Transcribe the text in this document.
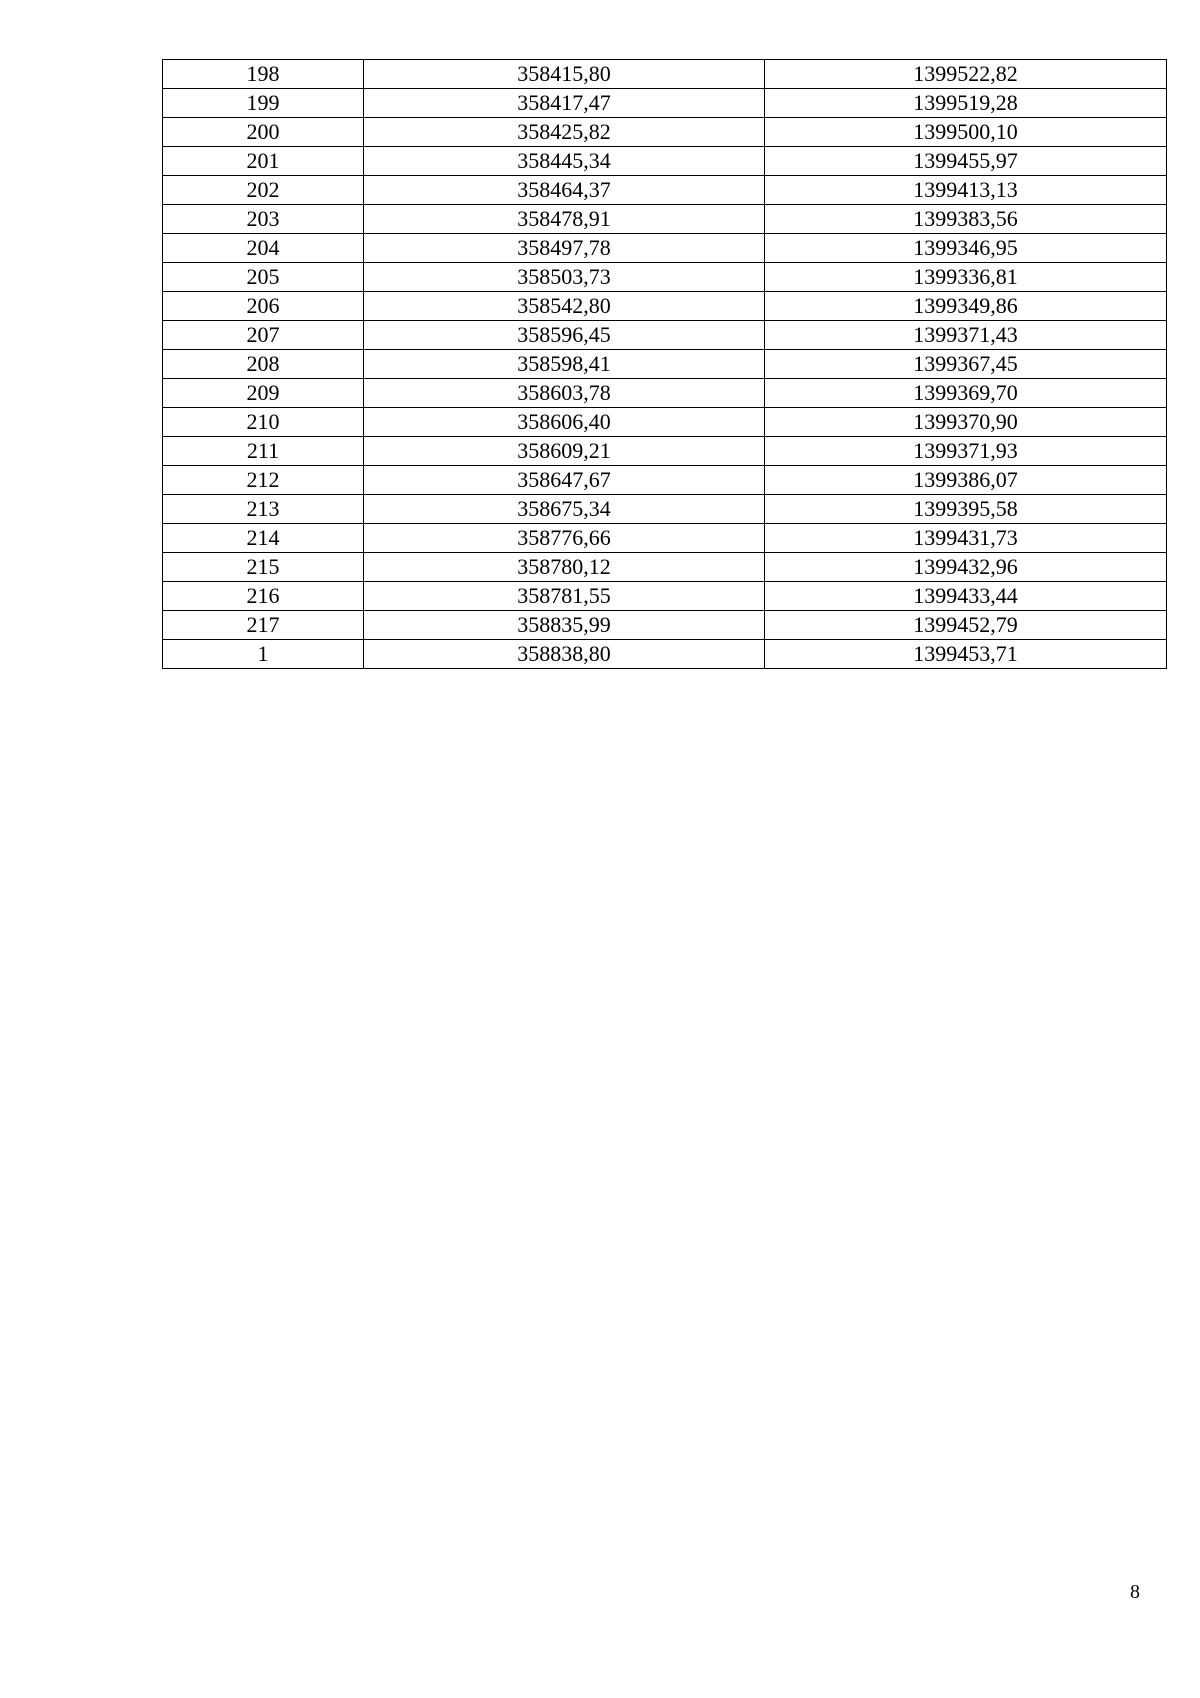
198	358415,80	1399522,82
199	358417,47	1399519,28
200	358425,82	1399500,10
201	358445,34	1399455,97
202	358464,37	1399413,13
203	358478,91	1399383,56
204	358497,78	1399346,95
205	358503,73	1399336,81
206	358542,80	1399349,86
207	358596,45	1399371,43
208	358598,41	1399367,45
209	358603,78	1399369,70
210	358606,40	1399370,90
211	358609,21	1399371,93
212	358647,67	1399386,07
213	358675,34	1399395,58
214	358776,66	1399431,73
215	358780,12	1399432,96
216	358781,55	1399433,44
217	358835,99	1399452,79
1	358838,80	1399453,71
8
